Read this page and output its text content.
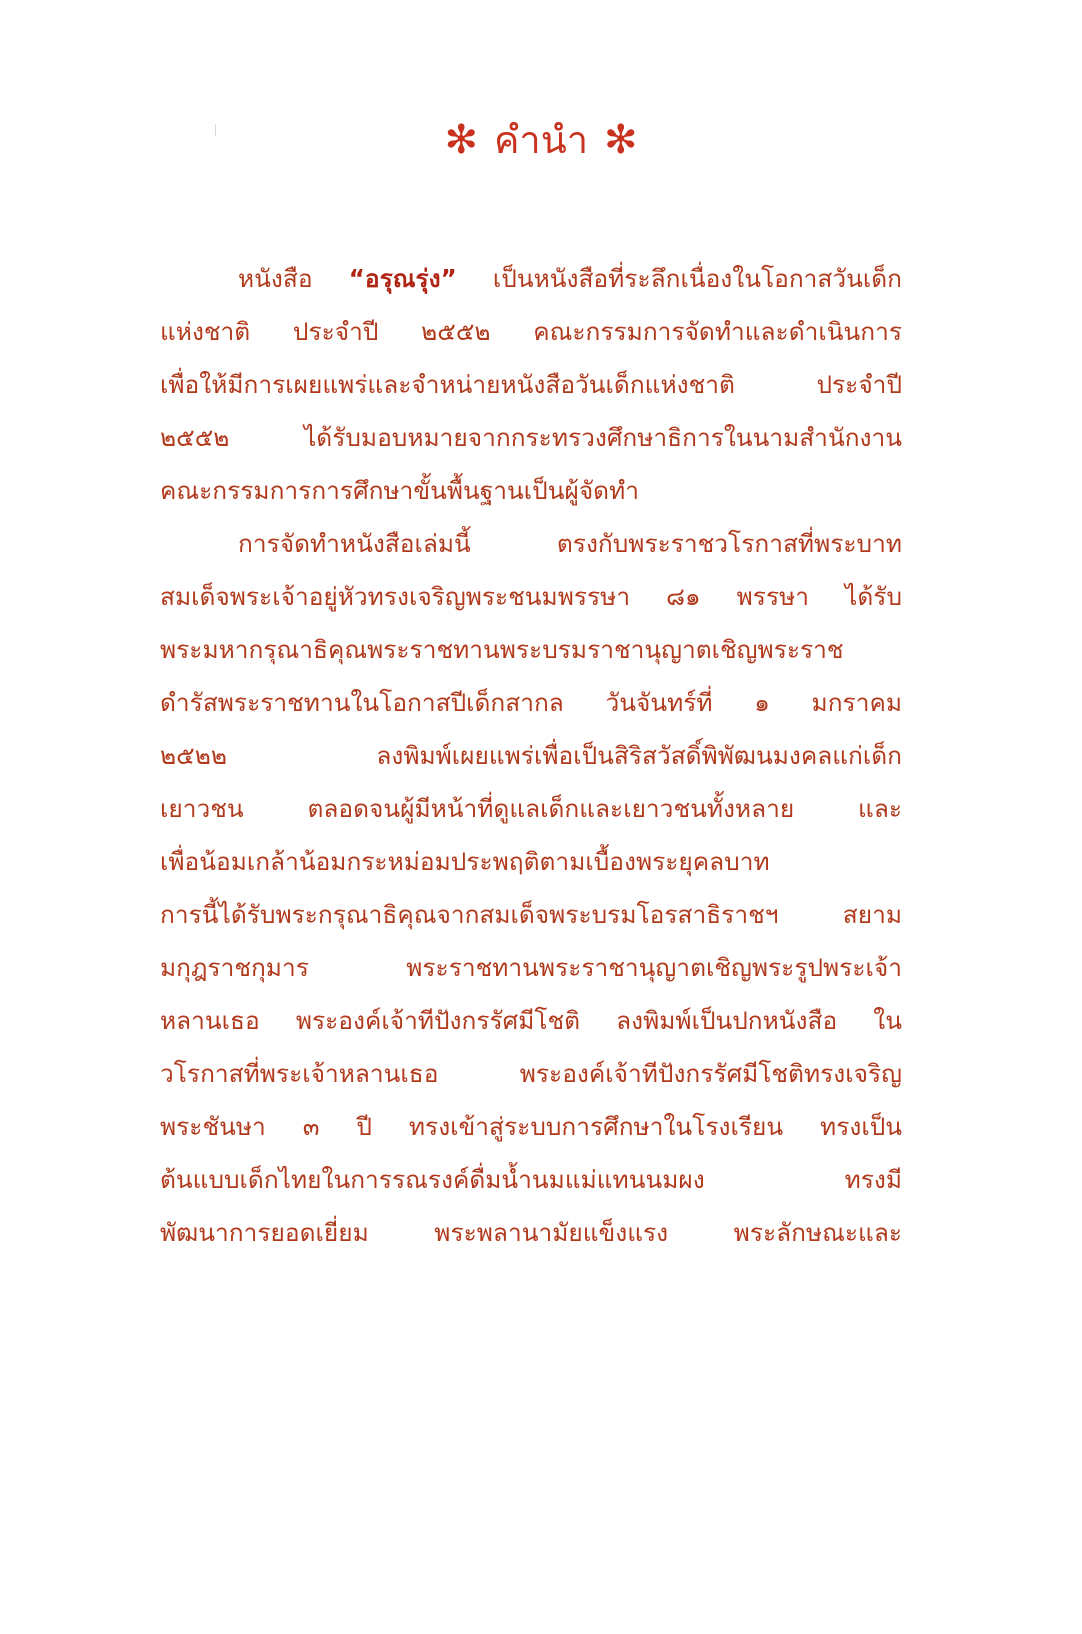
✻ คำนำ ✻
หนังสือ “อรุณรุ่ง” เป็นหนังสือที่ระลึกเนื่องในโอกาสวันเด็ก
แห่งชาติ ประจำปี ๒๕๕๒ คณะกรรมการจัดทำและดำเนินการ
เพื่อให้มีการเผยแพร่และจำหน่ายหนังสือวันเด็กแห่งชาติ ประจำปี
๒๕๕๒ ได้รับมอบหมายจากกระทรวงศึกษาธิการในนามสำนักงาน
คณะกรรมการการศึกษาขั้นพื้นฐานเป็นผู้จัดทำ
การจัดทำหนังสือเล่มนี้ ตรงกับพระราชวโรกาสที่พระบาท
สมเด็จพระเจ้าอยู่หัวทรงเจริญพระชนมพรรษา ๘๑ พรรษา ได้รับ
พระมหากรุณาธิคุณพระราชทานพระบรมราชานุญาตเชิญพระราช
ดำรัสพระราชทานในโอกาสปีเด็กสากล วันจันทร์ที่ ๑ มกราคม
๒๕๒๒ ลงพิมพ์เผยแพร่เพื่อเป็นสิริสวัสดิ์พิพัฒนมงคลแก่เด็ก
เยาวชน ตลอดจนผู้มีหน้าที่ดูแลเด็กและเยาวชนทั้งหลาย และ
เพื่อน้อมเกล้าน้อมกระหม่อมประพฤติตามเบื้องพระยุคลบาท
การนี้ได้รับพระกรุณาธิคุณจากสมเด็จพระบรมโอรสาธิราชฯ สยาม
มกุฎราชกุมาร พระราชทานพระราชานุญาตเชิญพระรูปพระเจ้า
หลานเธอ พระองค์เจ้าทีปังกรรัศมีโชติ ลงพิมพ์เป็นปกหนังสือ ใน
วโรกาสที่พระเจ้าหลานเธอ พระองค์เจ้าทีปังกรรัศมีโชติทรงเจริญ
พระชันษา ๓ ปี ทรงเข้าสู่ระบบการศึกษาในโรงเรียน ทรงเป็น
ต้นแบบเด็กไทยในการรณรงค์ดื่มน้ำนมแม่แทนนมผง ทรงมี
พัฒนาการยอดเยี่ยม พระพลานามัยแข็งแรง พระลักษณะและ
